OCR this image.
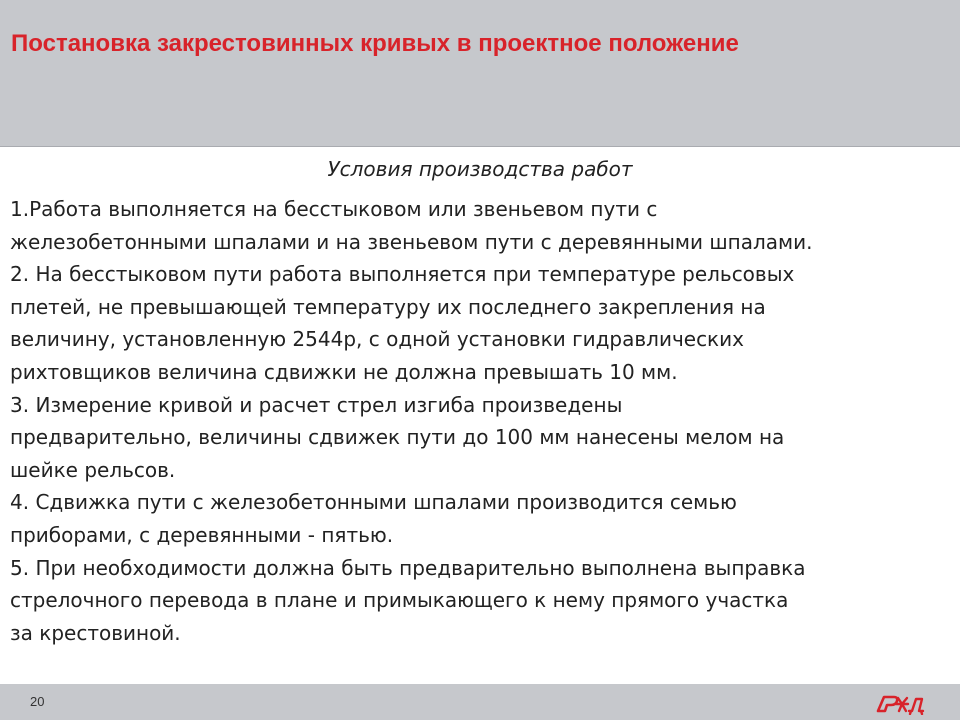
Постановка закрестовинных кривых в проектное положение
Условия производства работ

1.Работа выполняется на бесстыковом или звеньевом пути с

железобетонными шпалами и на звеньевом пути с деревянными шпалами.

2. На бесстыковом пути работа выполняется при температуре рельсовых

плетей, не превышающей температуру их последнего закрепления на

величину, установленную 2544р, с одной установки гидравлических

рихтовщиков величина сдвижки не должна превышать 10 мм.

3. Измерение кривой и расчет стрел изгиба произведены

предварительно, величины сдвижек пути до 100 мм нанесены мелом на

шейке рельсов.

4. Сдвижка пути с железобетонными шпалами производится семью

приборами, с деревянными - пятью.

5. При необходимости должна быть предварительно выполнена выправка

стрелочного перевода в плане и примыкающего к нему прямого участка

за крестовиной.

20
